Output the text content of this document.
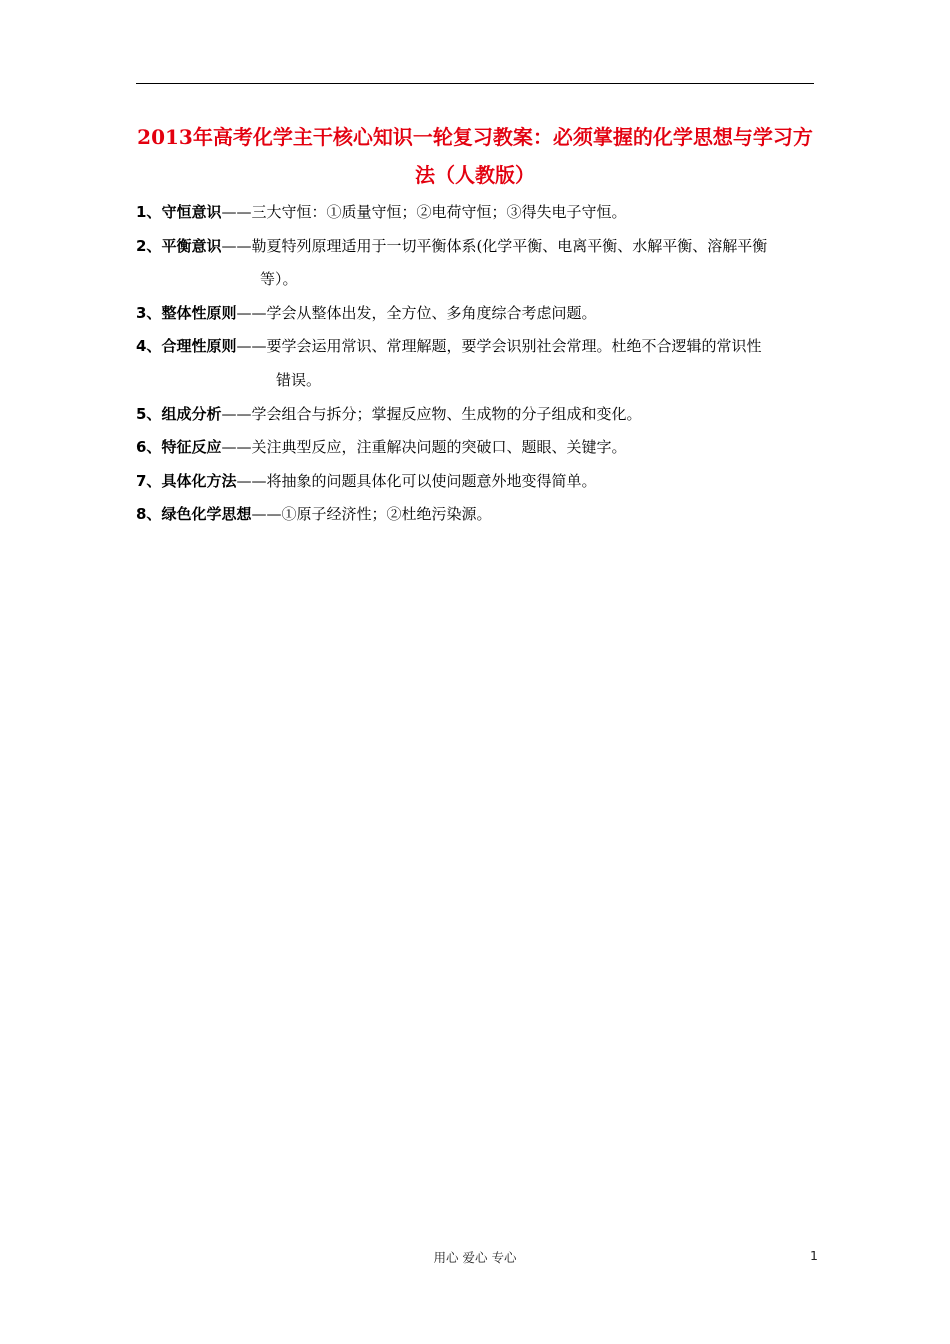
2013年高考化学主干核心知识一轮复习教案：必须掌握的化学思想与学习方法（人教版）
1、守恒意识——三大守恒：①质量守恒；②电荷守恒；③得失电子守恒。
2、平衡意识——勒夏特列原理适用于一切平衡体系(化学平衡、电离平衡、水解平衡、溶解平衡
等）。
3、整体性原则——学会从整体出发，全方位、多角度综合考虑问题。
4、合理性原则——要学会运用常识、常理解题，要学会识别社会常理。杜绝不合逻辑的常识性
错误。
5、组成分析——学会组合与拆分；掌握反应物、生成物的分子组成和变化。
6、特征反应——关注典型反应，注重解决问题的突破口、题眼、关键字。
7、具体化方法——将抽象的问题具体化可以使问题意外地变得简单。
8、绿色化学思想——①原子经济性；②杜绝污染源。
用心 爱心 专心	1
